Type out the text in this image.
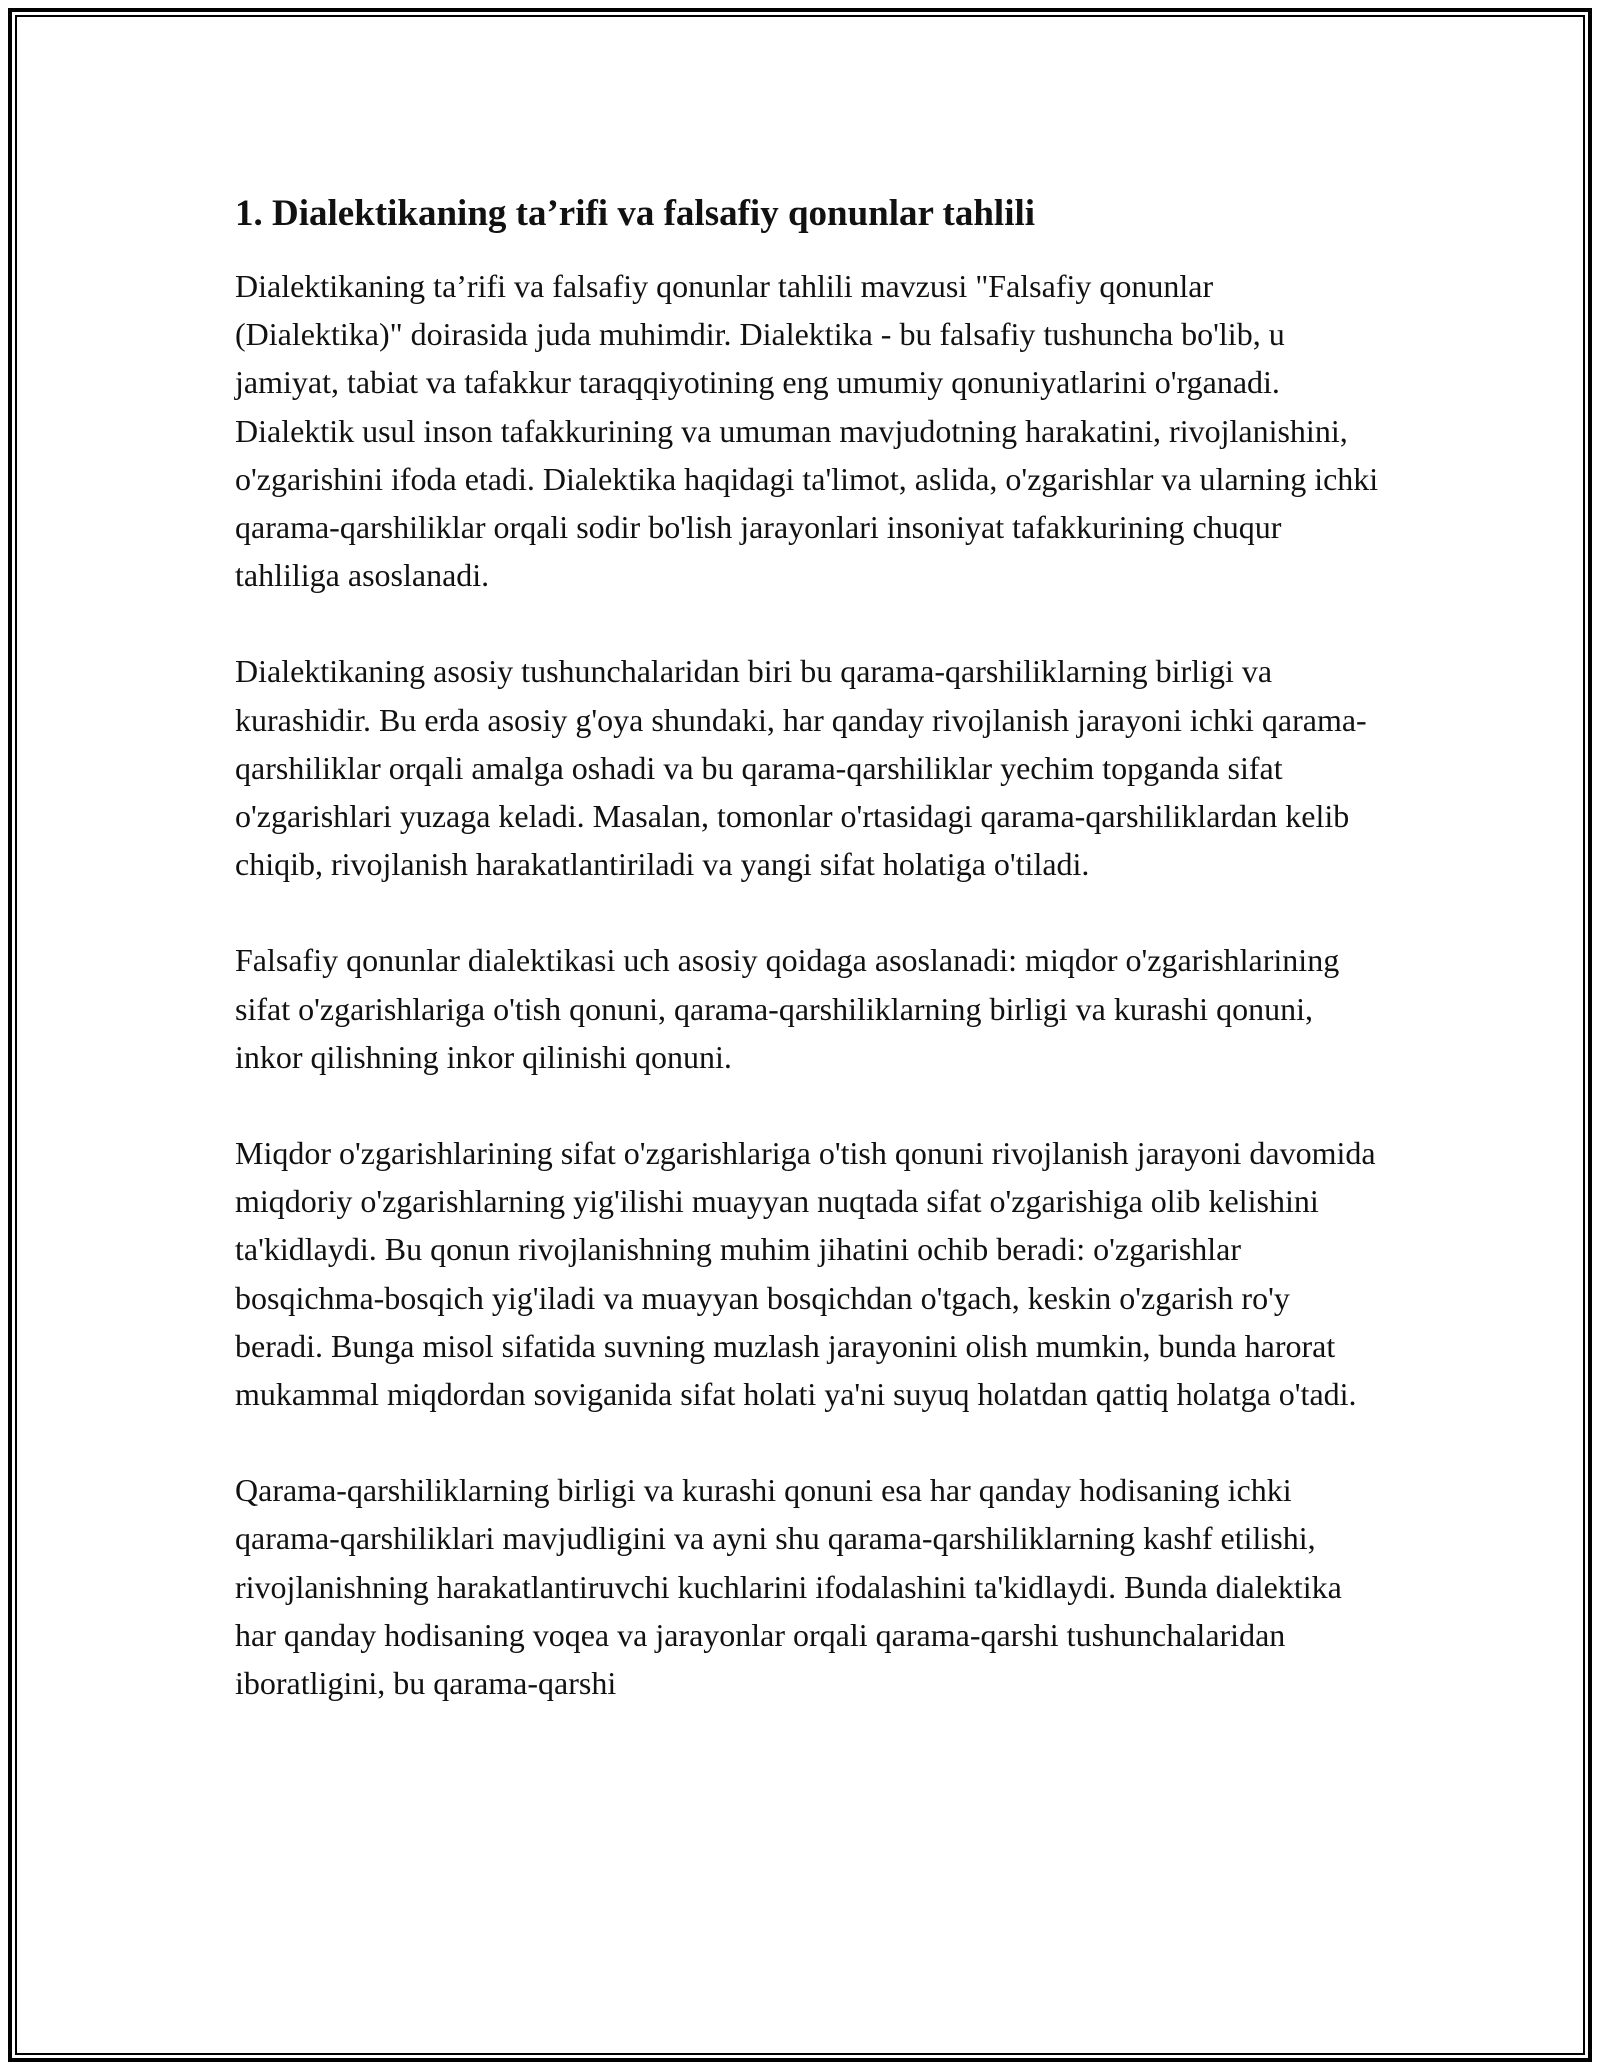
1. Dialektikaning ta’rifi va falsafiy qonunlar tahlili

Dialektikaning ta’rifi va falsafiy qonunlar tahlili mavzusi "Falsafiy qonunlar (Dialektika)" doirasida juda muhimdir. Dialektika - bu falsafiy tushuncha bo'lib, u jamiyat, tabiat va tafakkur taraqqiyotining eng umumiy qonuniyatlarini o'rganadi. Dialektik usul inson tafakkurining va umuman mavjudotning harakatini, rivojlanishini, o'zgarishini ifoda etadi. Dialektika haqidagi ta'limot, aslida, o'zgarishlar va ularning ichki qarama-qarshiliklar orqali sodir bo'lish jarayonlari insoniyat tafakkurining chuqur tahliliga asoslanadi.

Dialektikaning asosiy tushunchalaridan biri bu qarama-qarshiliklarning birligi va kurashidir. Bu erda asosiy g'oya shundaki, har qanday rivojlanish jarayoni ichki qarama-qarshiliklar orqali amalga oshadi va bu qarama-qarshiliklar yechim topganda sifat o'zgarishlari yuzaga keladi. Masalan, tomonlar o'rtasidagi qarama-qarshiliklardan kelib chiqib, rivojlanish harakatlantiriladi va yangi sifat holatiga o'tiladi.

Falsafiy qonunlar dialektikasi uch asosiy qoidaga asoslanadi: miqdor o'zgarishlarining sifat o'zgarishlariga o'tish qonuni, qarama-qarshiliklarning birligi va kurashi qonuni, inkor qilishning inkor qilinishi qonuni.

Miqdor o'zgarishlarining sifat o'zgarishlariga o'tish qonuni rivojlanish jarayoni davomida miqdoriy o'zgarishlarning yig'ilishi muayyan nuqtada sifat o'zgarishiga olib kelishini ta'kidlaydi. Bu qonun rivojlanishning muhim jihatini ochib beradi: o'zgarishlar bosqichma-bosqich yig'iladi va muayyan bosqichdan o'tgach, keskin o'zgarish ro'y beradi. Bunga misol sifatida suvning muzlash jarayonini olish mumkin, bunda harorat mukammal miqdordan soviganida sifat holati ya'ni suyuq holatdan qattiq holatga o'tadi.

Qarama-qarshiliklarning birligi va kurashi qonuni esa har qanday hodisaning ichki qarama-qarshiliklari mavjudligini va ayni shu qarama-qarshiliklarning kashf etilishi, rivojlanishning harakatlantiruvchi kuchlarini ifodalashini ta'kidlaydi. Bunda dialektika har qanday hodisaning voqea va jarayonlar orqali qarama-qarshi tushunchalaridan iboratligini, bu qarama-qarshi
